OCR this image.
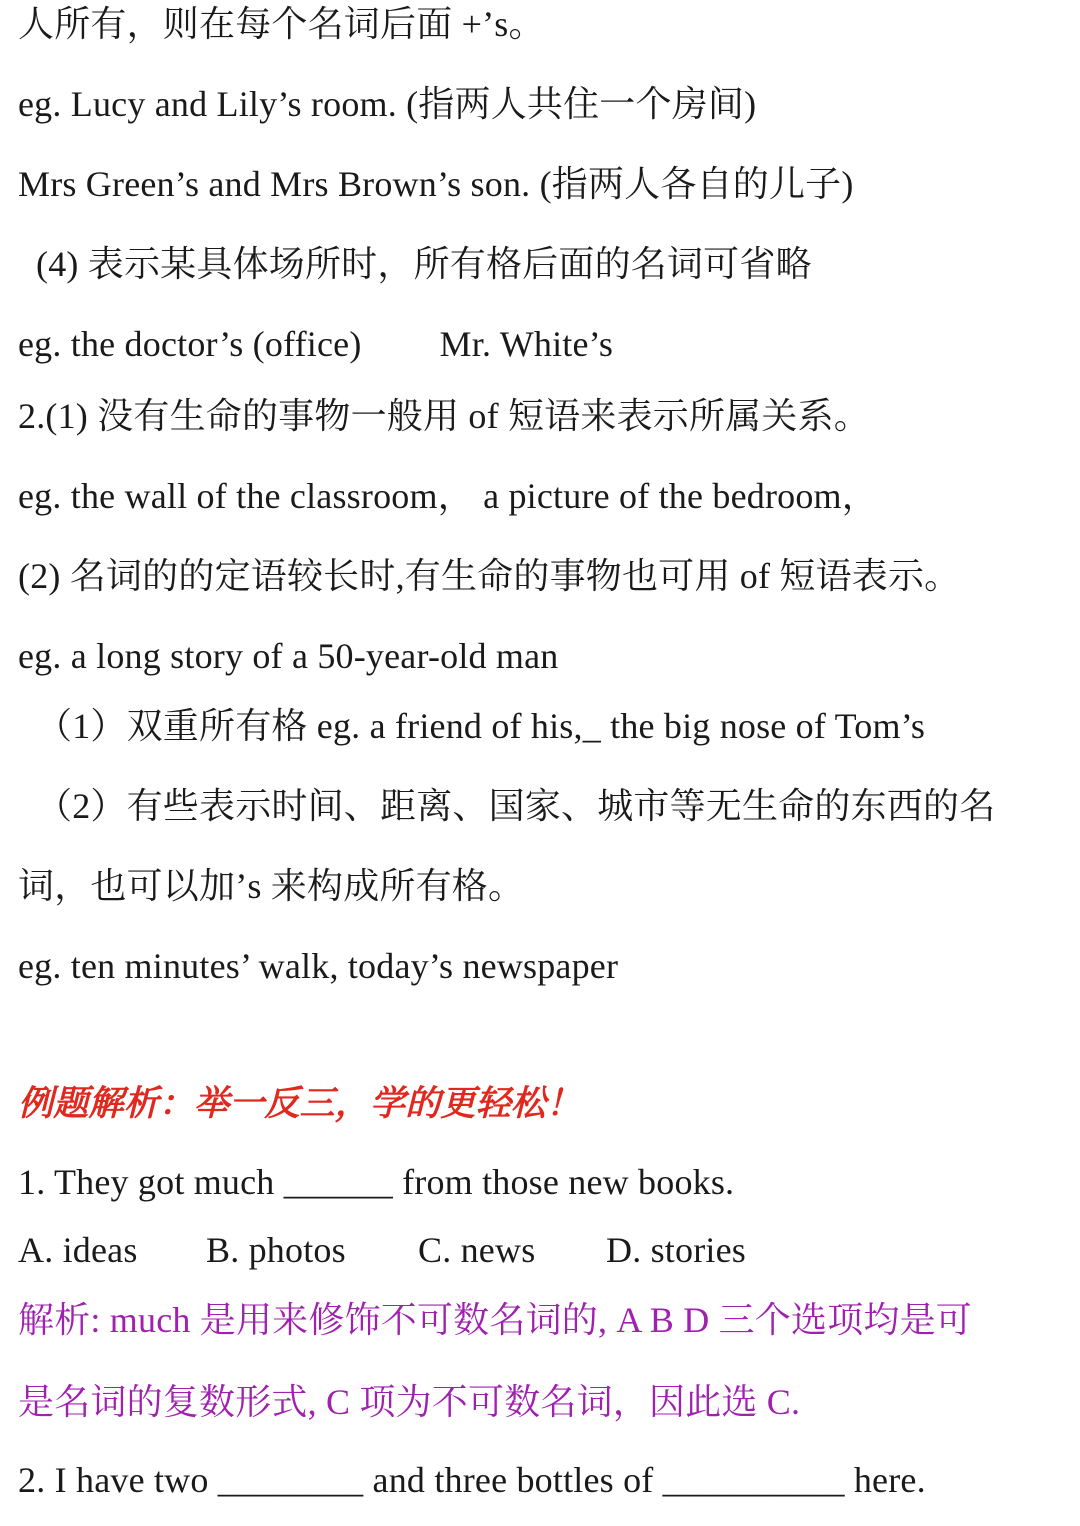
人所有，则在每个名词后面 +’s。
eg. Lucy and Lily’s room. (指两人共住一个房间)
Mrs Green’s and Mrs Brown’s son. (指两人各自的儿子)
(4) 表示某具体场所时，所有格后面的名词可省略
eg. the doctor’s (office) Mr. White’s
2.(1) 没有生命的事物一般用 of 短语来表示所属关系。
eg. the wall of the classroom， a picture of the bedroom，
(2) 名词的的定语较长时,有生命的事物也可用 of 短语表示。
eg. a long story of a 50-year-old man
（1）双重所有格 eg. a friend of his,_ the big nose of Tom’s
（2）有些表示时间、距离、国家、城市等无生命的东西的名
词，也可以加’s 来构成所有格。
eg. ten minutes’ walk, today’s newspaper
例题解析：举一反三，学的更轻松！
1. They got much ______ from those new books.
A. ideas B. photos C. news D. stories
解析: much 是用来修饰不可数名词的, A B D 三个选项均是可
是名词的复数形式, C 项为不可数名词，因此选 C.
2. I have two ________ and three bottles of __________ here.
